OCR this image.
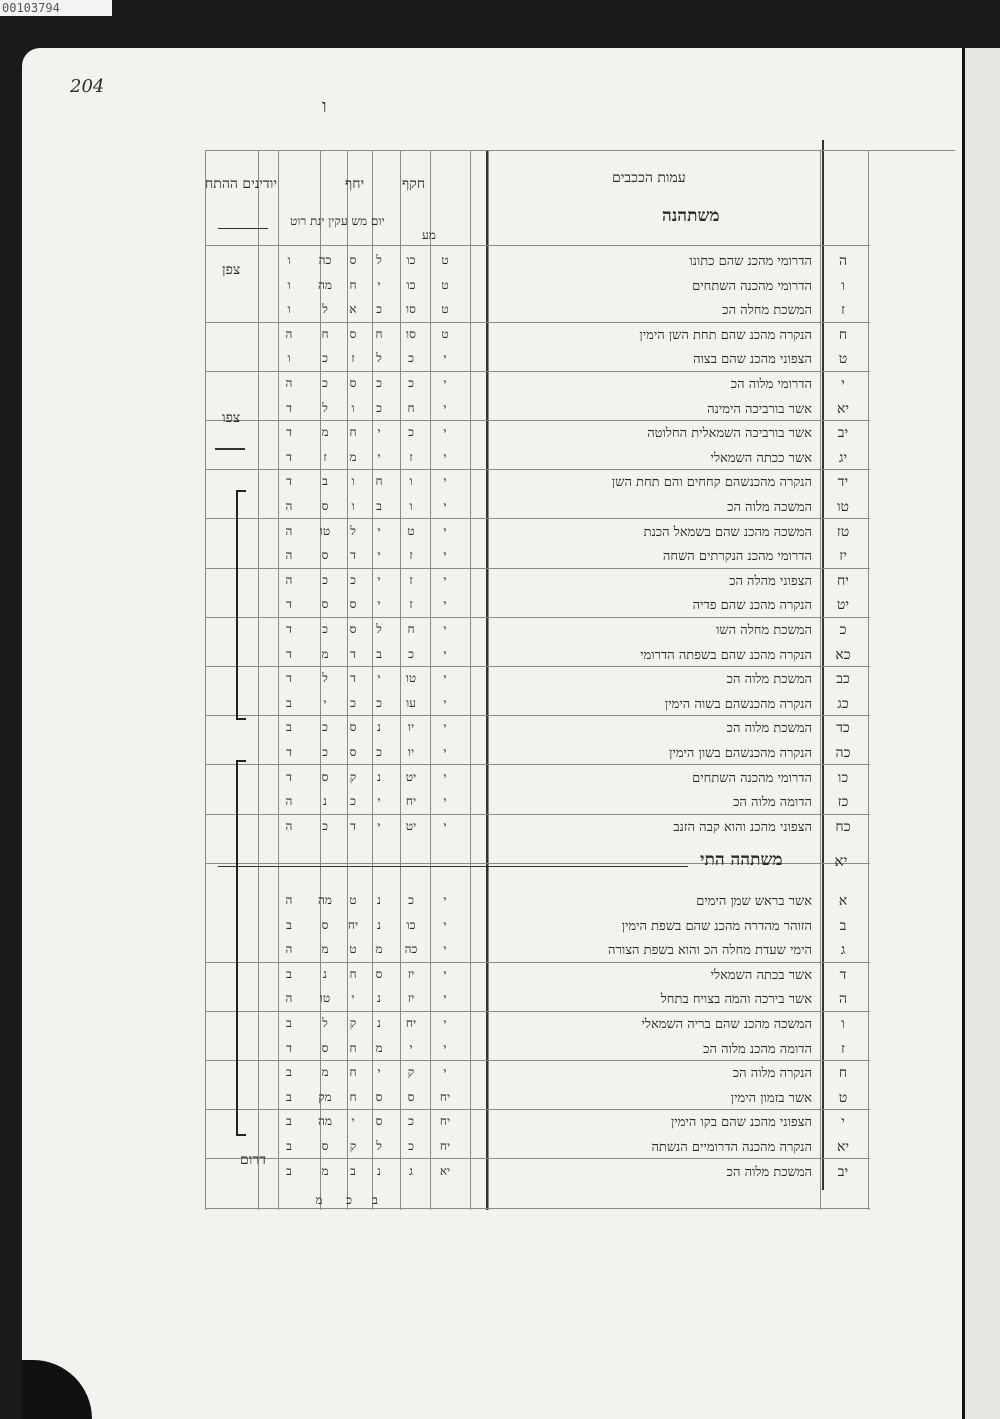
00103794
204
ו
עמות הככבים
חקף
יחף
יודינים ההתח
יום מש עקין ינת רוט
מע
משתהנה
משתהה התי	יא
ה
הדרומי מהכנ שהם כתונו
ט
כו
ל
ס
כה
ו
ו
הדרומי מהכנה השתחים
ט
כו
י
ח
מה
ו
ז
המשכת מחלה הכ
ט
סו
כ
א
ל
ו
ח
הנקרה מהכנ שהם תחת השן הימין
ט
סו
ח
ס
ח
ה
ט
הצפוני מהכנ שהם בצוה
י
כ
ל
ז
כ
ו
י
הדרומי מלוה הכ
י
כ
כ
ס
כ
ה
יא
אשר בורביכה הימינה
י
ח
כ
ו
ל
ד
יב
אשר בורביכה השמאלית החלוטה
י
כ
י
ח
מ
ד
יג
אשר ככתה השמאלי
י
ז
י
מ
ז
ד
יד
הנקרה מהכנשהם קחחים והם תחת השן
י
ו
ח
ו
ב
ד
טו
המשכה מלוה הכ
י
ו
ב
ו
ס
ה
טז
המשכה מהכנ שהם בשמאל הכנת
י
ט
י
ל
טו
ה
יז
הדרומי מהכנ הנקרתים השחה
י
ז
י
ד
ס
ה
יח
הצפוני מהלה הכ
י
ז
י
כ
כ
ה
יט
הנקרה מהכנ שהם פדיה
י
ז
י
ס
ס
ד
כ
המשכת מחלה השו
י
ח
ל
ס
כ
ד
כא
הנקרה מהכנ שהם בשפתה הדרומי
י
כ
ב
ד
מ
ד
כב
המשכת מלוה הכ
י
טו
י
ד
ל
ד
כג
הנקרה מהכנשהם בשוה הימין
י
עו
כ
כ
י
ב
כד
המשכת מלוה הכ
י
יו
נ
ס
כ
ב
כה
הנקרה מהכנשהם בשון הימין
י
יו
כ
ס
כ
ד
כו
הדרומי מהכנה השתחים
י
יט
נ
ק
ס
ד
כז
הדומה מלוה הכ
י
יח
י
כ
נ
ה
כח
הצפוני מהכנ והוא קבה הזנב
י
יט
י
ד
כ
ה
א
אשר בראש שמן הימים
י
כ
נ
ט
מה
ה
ב
הזוהר מהדרה מהכנ שהם בשפת הימין
י
כו
נ
יח
ס
ב
ג
הימי שעדת מחלה הכ והוא בשפת הצורה
י
כה
מ
ט
מ
ה
ד
אשר בכתה השמאלי
י
יז
ס
ח
נ
ב
ה
אשר בירכה והמה בצויח בתחל
י
יז
נ
י
טו
ה
ו
המשכה מהכנ שהם בריה השמאלי
י
יח
נ
ק
ל
ב
ז
הדומה מהכנ מלוה הכ
י
י
מ
ח
ס
ד
ח
הנקרה מלוה הכ
י
ק
י
ח
מ
ב
ט
אשר בזמון הימין
יח
ס
ס
ח
מק
ב
י
הצפוני מהכנ שהם בקו הימין
יח
כ
ס
י
מה
ב
יא
הנקרה מהכנה הדרומיים הנשתה
יח
כ
ל
ק
ס
ב
יב
המשכת מלוה הכ
יא
ג
נ
ב
מ
ב
ב
כ
מ
צפן
צפו
דרום
